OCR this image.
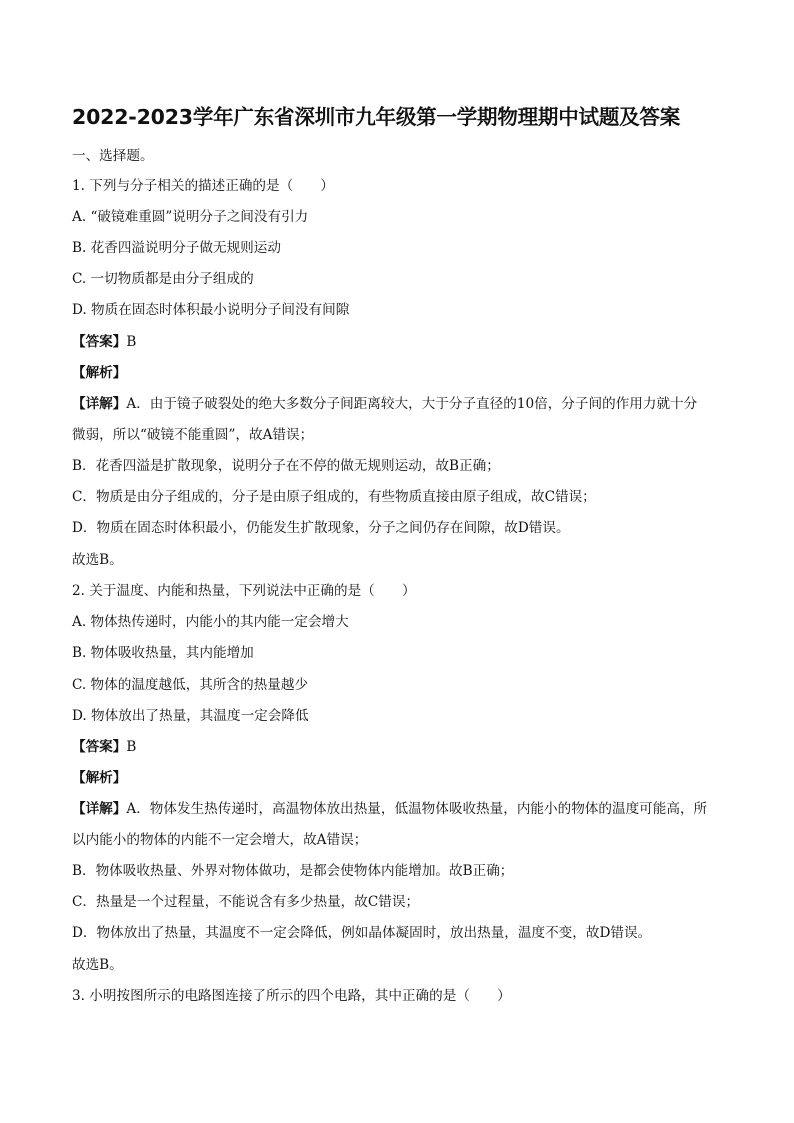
2022-2023学年广东省深圳市九年级第一学期物理期中试题及答案
一、选择题。
1. 下列与分子相关的描述正确的是（　　）
A. “破镜难重圆”说明分子之间没有引力
B. 花香四溢说明分子做无规则运动
C. 一切物质都是由分子组成的
D. 物质在固态时体积最小说明分子间没有间隙
【答案】B
【解析】
【详解】A．由于镜子破裂处的绝大多数分子间距离较大，大于分子直径的10倍，分子间的作用力就十分
微弱，所以“破镜不能重圆”，故A错误；
B．花香四溢是扩散现象，说明分子在不停的做无规则运动，故B正确；
C．物质是由分子组成的，分子是由原子组成的，有些物质直接由原子组成，故C错误；
D．物质在固态时体积最小，仍能发生扩散现象，分子之间仍存在间隙，故D错误。
故选B。
2. 关于温度、内能和热量，下列说法中正确的是（　　）
A. 物体热传递时，内能小的其内能一定会增大
B. 物体吸收热量，其内能增加
C. 物体的温度越低，其所含的热量越少
D. 物体放出了热量，其温度一定会降低
【答案】B
【解析】
【详解】A．物体发生热传递时，高温物体放出热量，低温物体吸收热量，内能小的物体的温度可能高，所
以内能小的物体的内能不一定会增大，故A错误；
B．物体吸收热量、外界对物体做功，是都会使物体内能增加。故B正确；
C．热量是一个过程量，不能说含有多少热量，故C错误；
D．物体放出了热量，其温度不一定会降低，例如晶体凝固时，放出热量，温度不变，故D错误。
故选B。
3. 小明按图所示的电路图连接了所示的四个电路，其中正确的是（　　）
